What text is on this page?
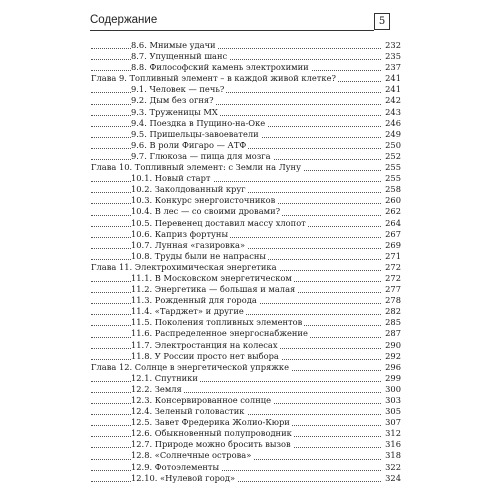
Содержание	5
8.6. Мнимые удачи	232
8.7. Упущенный шанс	235
8.8. Философский камень электрохимии	237
Глава 9. Топливный элемент – в каждой живой клетке?	241
9.1. Человек — печь?	241
9.2. Дым без огня?	242
9.3. Труженицы МХ	243
9.4. Поездка в Пущино-на-Оке	246
9.5. Пришельцы-завоеватели	249
9.6. В роли Фигаро — АТФ	250
9.7. Глюкоза — пища для мозга	252
Глава 10. Топливный элемент: с Земли на Луну	255
10.1. Новый старт	255
10.2. Заколдованный круг	258
10.3. Конкурс энергоисточников	260
10.4. В лес — со своими дровами?	262
10.5. Перевенец доставил массу хлопот	264
10.6. Каприз фортуны	267
10.7. Лунная «газировка»	269
10.8. Труды были не напрасны	271
Глава 11. Электрохимическая энергетика	272
11.1. В Московском энергетическом	272
11.2. Энергетика — большая и малая	277
11.3. Рожденный для города	278
11.4. «Тарджет» и другие	282
11.5. Поколения топливных элементов	285
11.6. Распределенное энергоснабжение	287
11.7. Электростанция на колесах	290
11.8. У России просто нет выбора	292
Глава 12. Солнце в энергетической упряжке	296
12.1. Спутники	299
12.2. Земля	300
12.3. Консервированное солнце	303
12.4. Зеленый головастик	305
12.5. Завет Фредерика Жолио-Кюри	307
12.6. Обыкновенный полупроводник	312
12.7. Природе можно бросить вызов	316
12.8. «Солнечные острова»	318
12.9. Фотоэлементы	322
12.10. «Нулевой город»	324
